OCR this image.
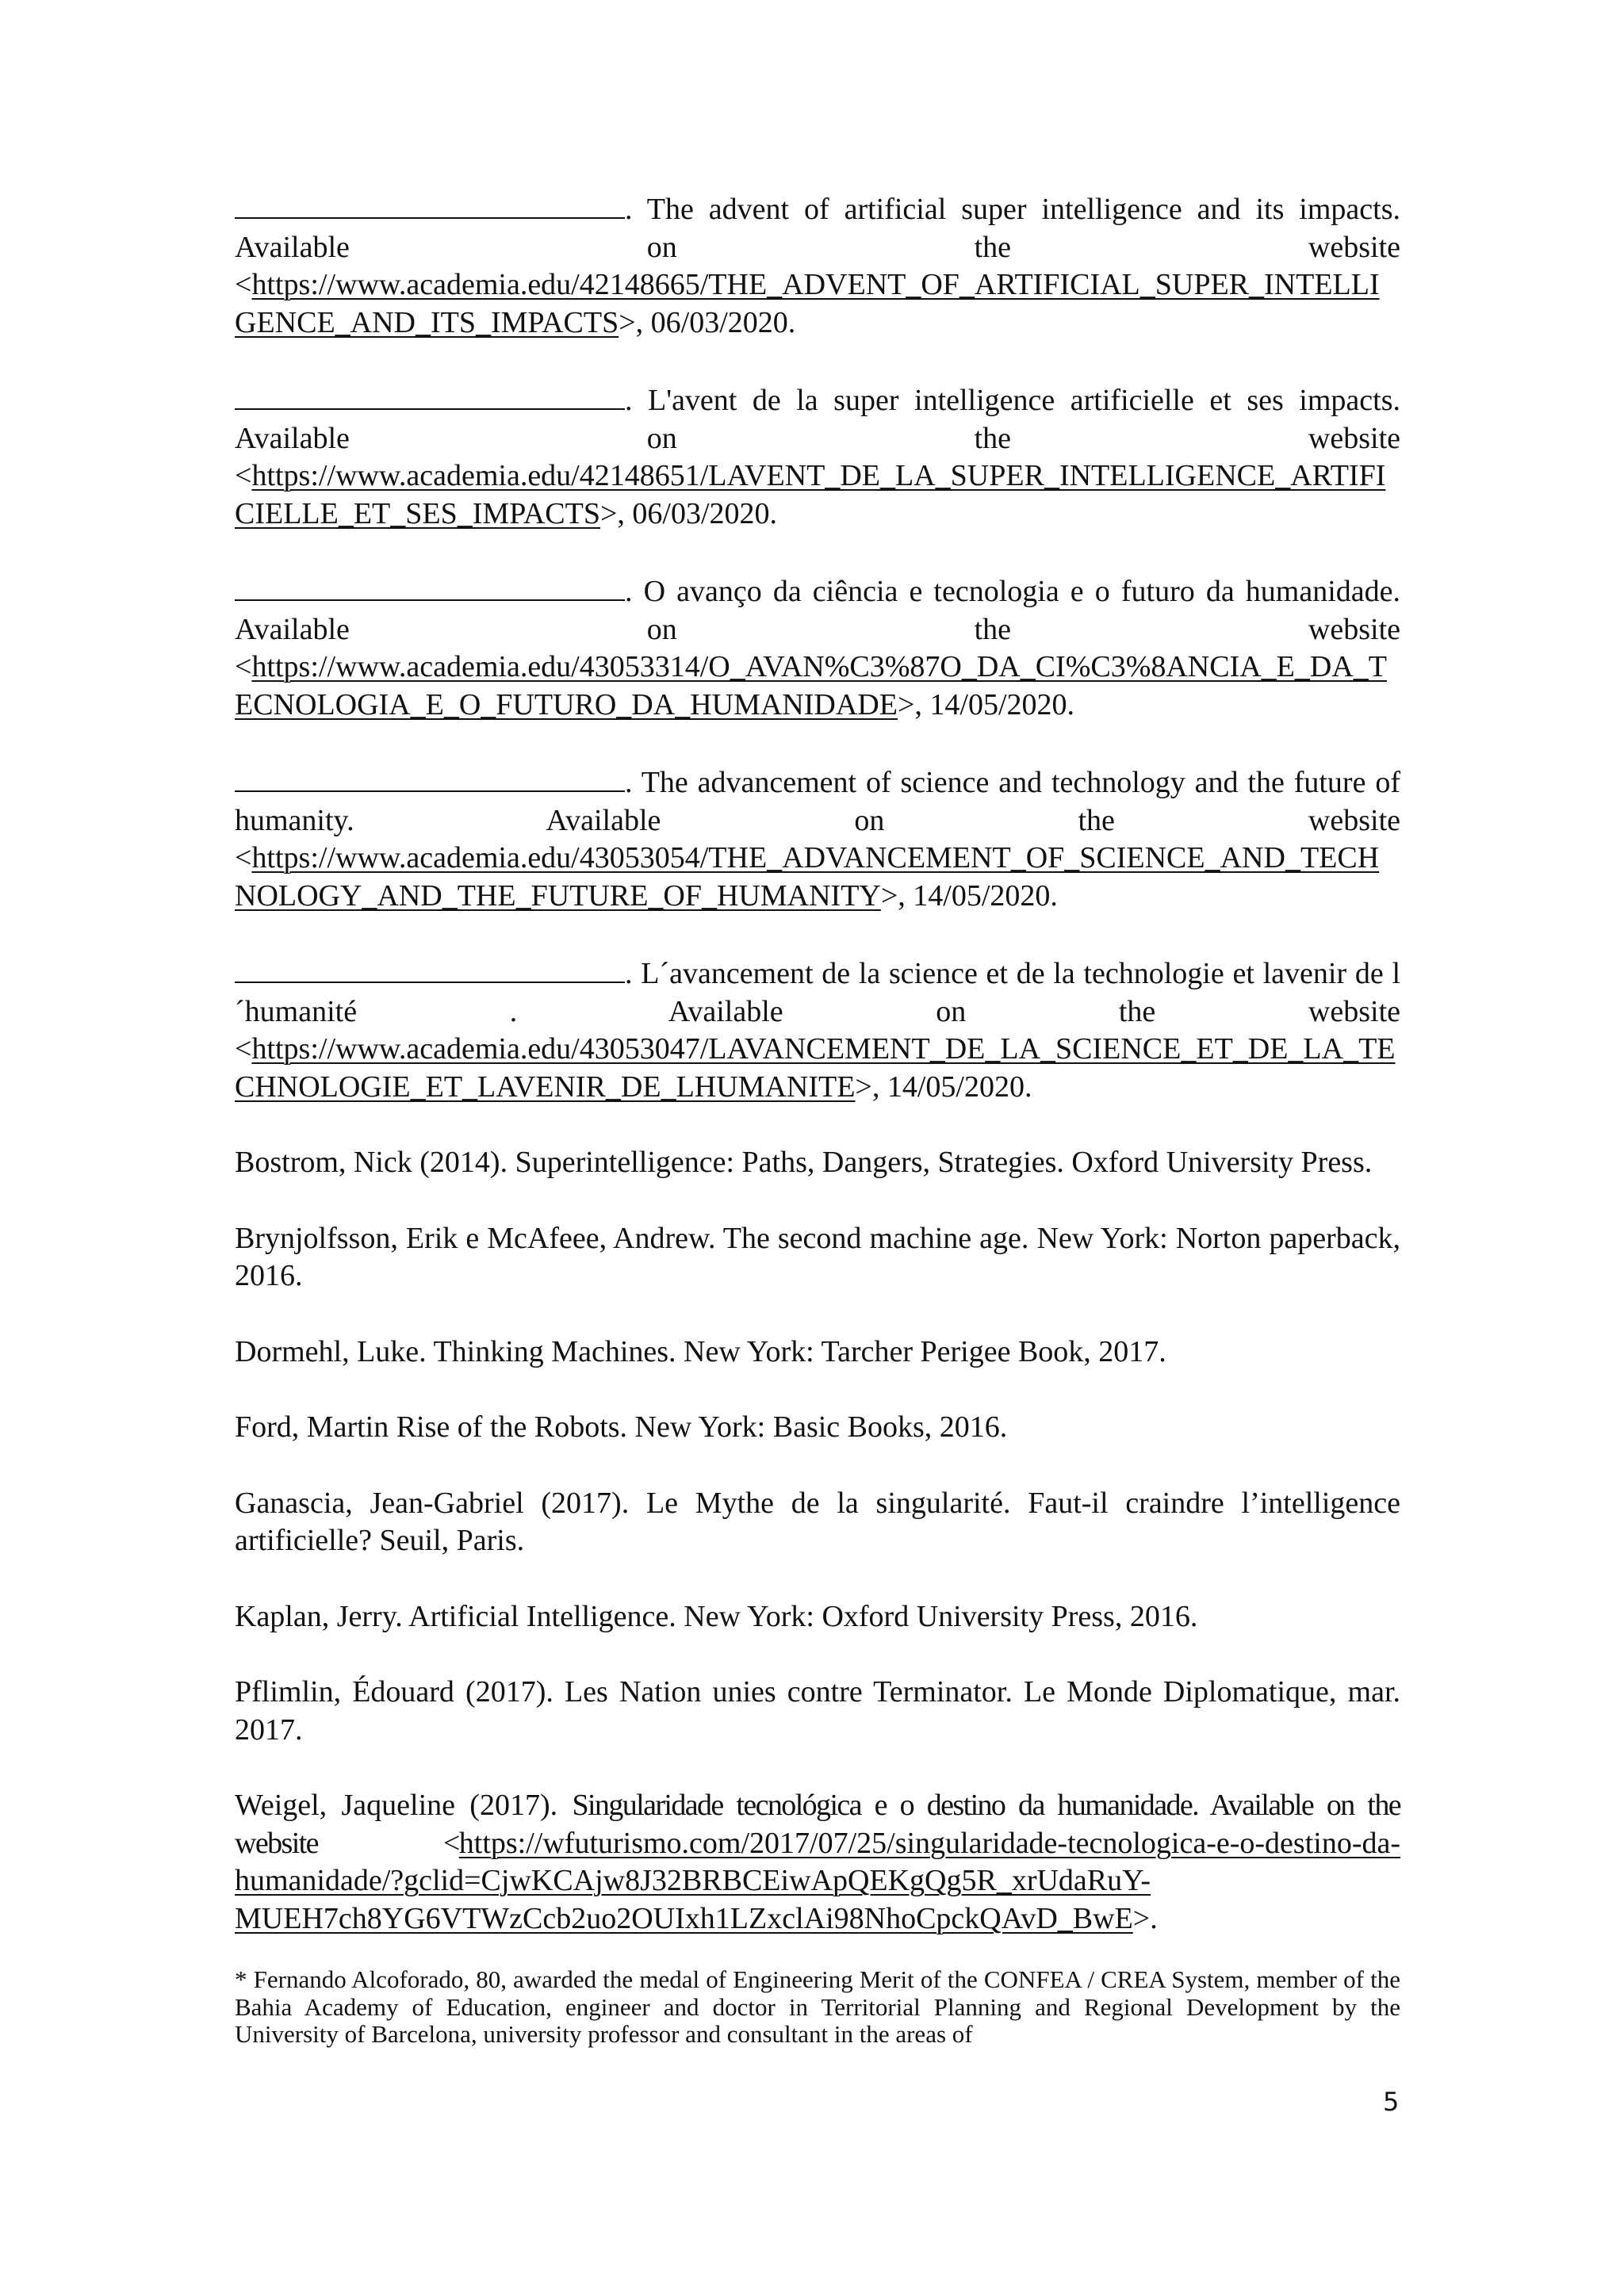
. The advent of artificial super intelligence and its impacts. Available on the website <https://www.academia.edu/42148665/THE_ADVENT_OF_ARTIFICIAL_SUPER_INTELLIGENCE_AND_ITS_IMPACTS>, 06/03/2020.

. L'avent de la super intelligence artificielle et ses impacts. Available on the website <https://www.academia.edu/42148651/LAVENT_DE_LA_SUPER_INTELLIGENCE_ARTIFICIELLE_ET_SES_IMPACTS>, 06/03/2020.

. O avanço da ciência e tecnologia e o futuro da humanidade. Available on the website <https://www.academia.edu/43053314/O_AVAN%C3%87O_DA_CI%C3%8ANCIA_E_DA_TECNOLOGIA_E_O_FUTURO_DA_HUMANIDADE>, 14/05/2020.

. The advancement of science and technology and the future of humanity. Available on the website <https://www.academia.edu/43053054/THE_ADVANCEMENT_OF_SCIENCE_AND_TECHNOLOGY_AND_THE_FUTURE_OF_HUMANITY>, 14/05/2020.

. L´avancement de la science et de la technologie et lavenir de l´humanité . Available on the website <https://www.academia.edu/43053047/LAVANCEMENT_DE_LA_SCIENCE_ET_DE_LA_TECHNOLOGIE_ET_LAVENIR_DE_LHUMANITE>, 14/05/2020.

Bostrom, Nick (2014). Superintelligence: Paths, Dangers, Strategies. Oxford University Press.

Brynjolfsson, Erik e McAfeee, Andrew. The second machine age. New York: Norton paperback, 2016.

Dormehl, Luke. Thinking Machines. New York: Tarcher Perigee Book, 2017.

Ford, Martin Rise of the Robots. New York: Basic Books, 2016.

Ganascia, Jean-Gabriel (2017). Le Mythe de la singularité. Faut-il craindre l’intelligence artificielle? Seuil, Paris.

Kaplan, Jerry. Artificial Intelligence. New York: Oxford University Press, 2016.

Pflimlin, Édouard (2017). Les Nation unies contre Terminator. Le Monde Diplomatique, mar. 2017.

Weigel, Jaqueline (2017). Singularidade tecnológica e o destino da humanidade. Available on the website <https://wfuturismo.com/2017/07/25/singularidade-tecnologica-e-o-destino-da-humanidade/?gclid=CjwKCAjw8J32BRBCEiwApQEKgQg5R_xrUdaRuY-MUEH7ch8YG6VTWzCcb2uo2OUIxh1LZxclAi98NhoCpckQAvD_BwE>.

* Fernando Alcoforado, 80, awarded the medal of Engineering Merit of the CONFEA / CREA System, member of the Bahia Academy of Education, engineer and doctor in Territorial Planning and Regional Development by the University of Barcelona, university professor and consultant in the areas of

5
